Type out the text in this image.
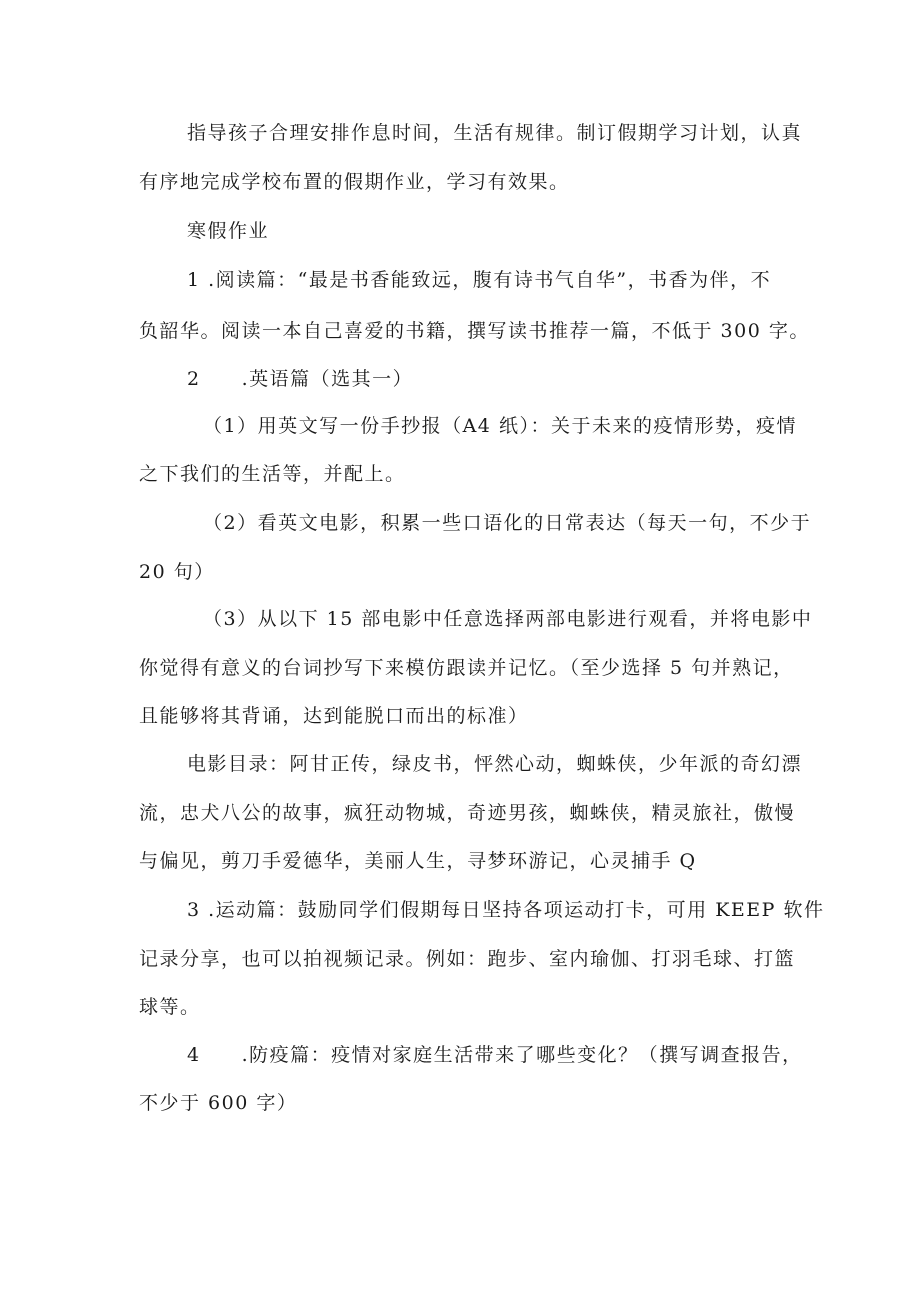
指导孩子合理安排作息时间，生活有规律。制订假期学习计划，认真
有序地完成学校布置的假期作业，学习有效果。
寒假作业
1 .阅读篇：“最是书香能致远，腹有诗书气自华”，书香为伴，不
负韶华。阅读一本自己喜爱的书籍，撰写读书推荐一篇，不低于 300 字。
2　　.英语篇（选其一）
（1）用英文写一份手抄报（A4 纸）：关于未来的疫情形势，疫情
之下我们的生活等，并配上。
（2）看英文电影，积累一些口语化的日常表达（每天一句，不少于
20 句）
（3）从以下 15 部电影中任意选择两部电影进行观看，并将电影中
你觉得有意义的台词抄写下来模仿跟读并记忆。（至少选择 5 句并熟记，
且能够将其背诵，达到能脱口而出的标准）
电影目录：阿甘正传，绿皮书，怦然心动，蜘蛛侠，少年派的奇幻漂
流，忠犬八公的故事，疯狂动物城，奇迹男孩，蜘蛛侠，精灵旅社，傲慢
与偏见，剪刀手爱德华，美丽人生，寻梦环游记，心灵捕手 Q
3 .运动篇：鼓励同学们假期每日坚持各项运动打卡，可用 KEEP 软件
记录分享，也可以拍视频记录。例如：跑步、室内瑜伽、打羽毛球、打篮
球等。
4　　.防疫篇：疫情对家庭生活带来了哪些变化？（撰写调查报告，
不少于 600 字）
